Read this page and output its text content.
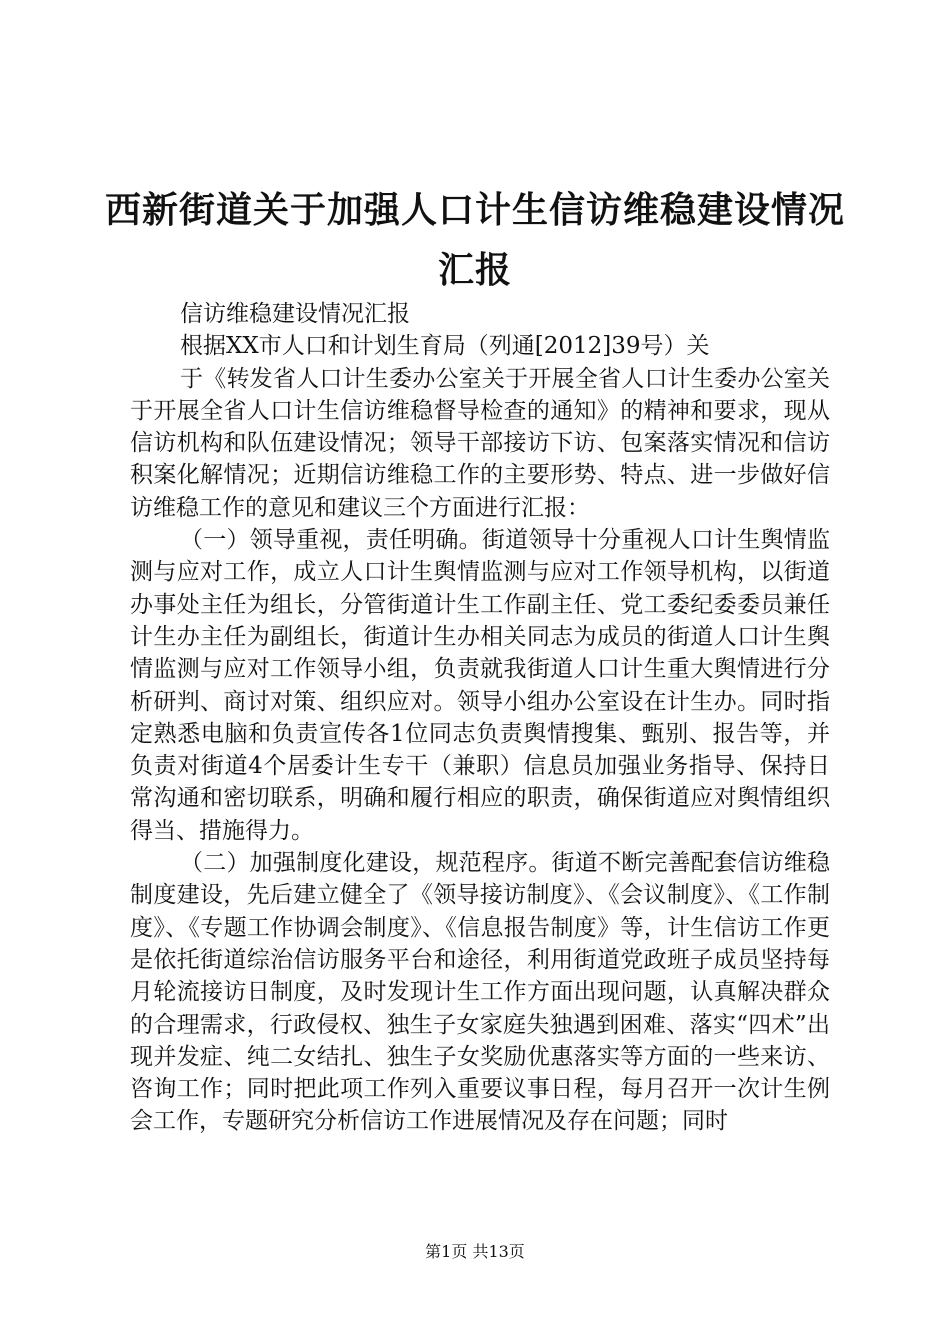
西新街道关于加强人口计生信访维稳建设情况汇报

信访维稳建设情况汇报

根据XX市人口和计划生育局（列通[2012]39号）关

于《转发省人口计生委办公室关于开展全省人口计生委办公室关于开展全省人口计生信访维稳督导检查的通知》的精神和要求，现从信访机构和队伍建设情况；领导干部接访下访、包案落实情况和信访积案化解情况；近期信访维稳工作的主要形势、特点、进一步做好信访维稳工作的意见和建议三个方面进行汇报：

（一）领导重视，责任明确。街道领导十分重视人口计生舆情监测与应对工作，成立人口计生舆情监测与应对工作领导机构，以街道办事处主任为组长，分管街道计生工作副主任、党工委纪委委员兼任计生办主任为副组长，街道计生办相关同志为成员的街道人口计生舆情监测与应对工作领导小组，负责就我街道人口计生重大舆情进行分析研判、商讨对策、组织应对。领导小组办公室设在计生办。同时指定熟悉电脑和负责宣传各1位同志负责舆情搜集、甄别、报告等，并负责对街道4个居委计生专干（兼职）信息员加强业务指导、保持日常沟通和密切联系，明确和履行相应的职责，确保街道应对舆情组织得当、措施得力。

（二）加强制度化建设，规范程序。街道不断完善配套信访维稳制度建设，先后建立健全了《领导接访制度》、《会议制度》、《工作制度》、《专题工作协调会制度》、《信息报告制度》等，计生信访工作更是依托街道综治信访服务平台和途径，利用街道党政班子成员坚持每月轮流接访日制度，及时发现计生工作方面出现问题，认真解决群众的合理需求，行政侵权、独生子女家庭失独遇到困难、落实“四术”出现并发症、纯二女结扎、独生子女奖励优惠落实等方面的一些来访、咨询工作；同时把此项工作列入重要议事日程，每月召开一次计生例会工作，专题研究分析信访工作进展情况及存在问题；同时

第1页 共13页
